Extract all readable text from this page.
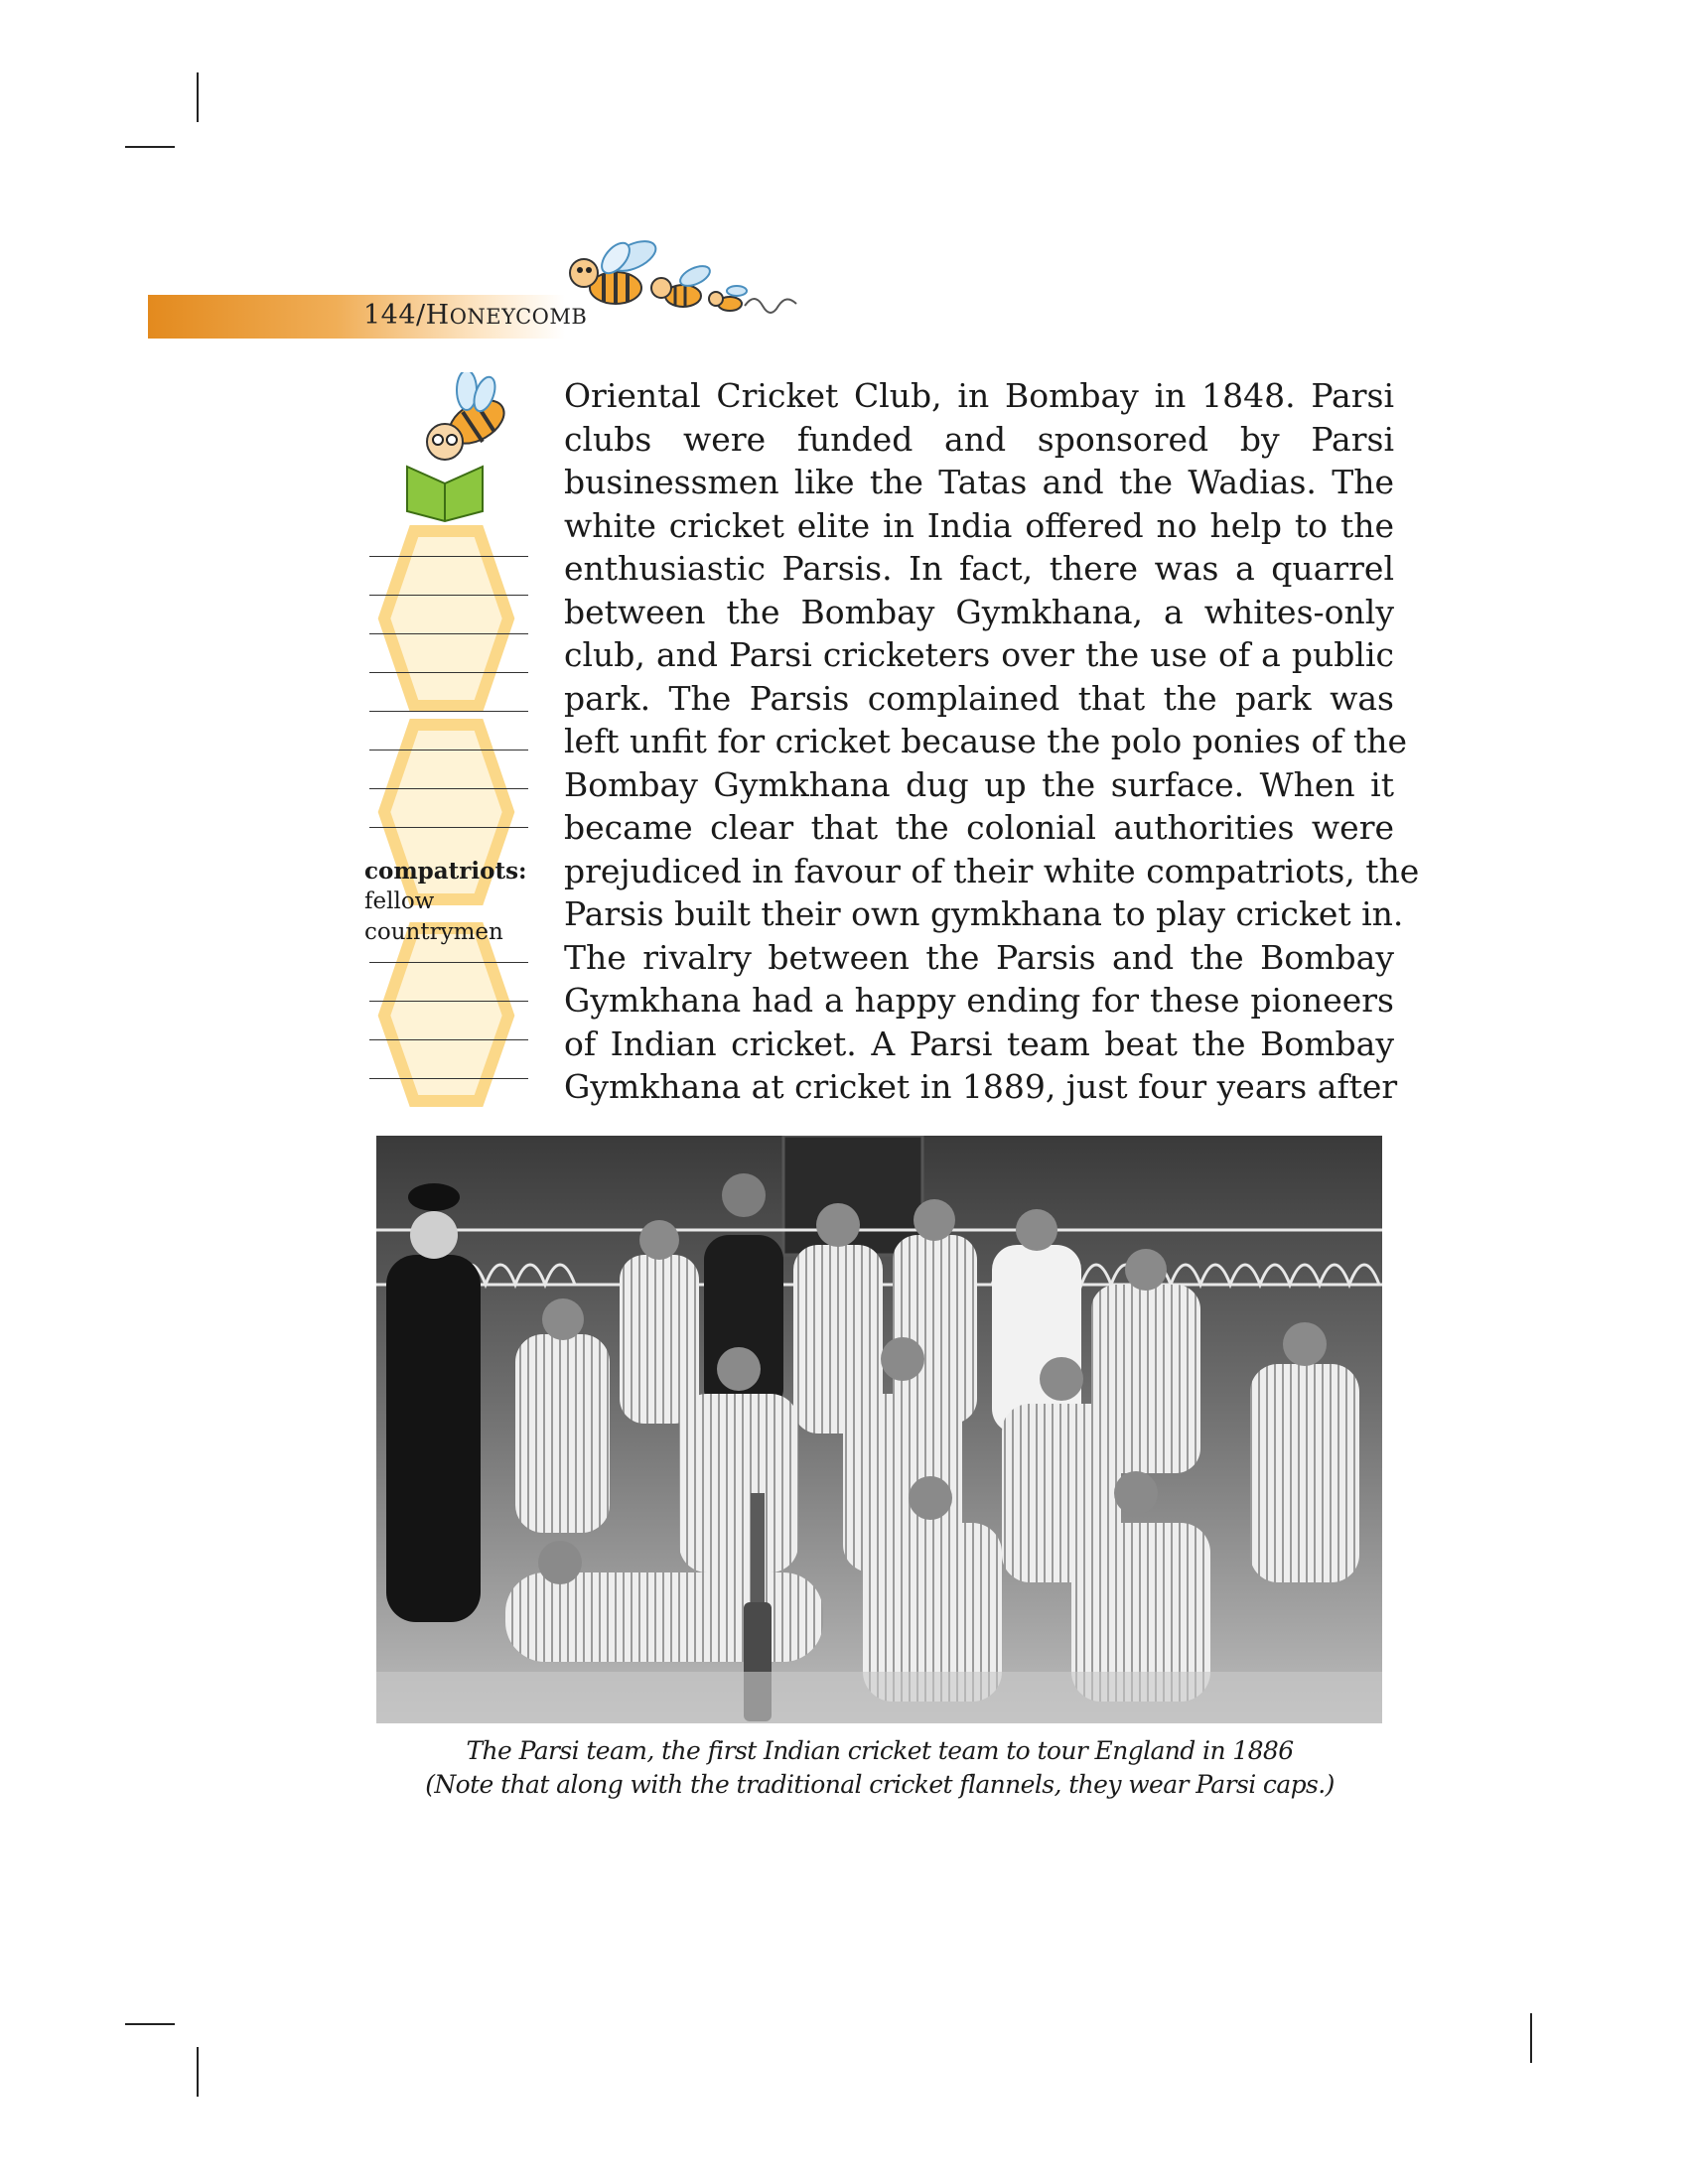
144/HONEYCOMB
compatriots:
fellow
countrymen
Oriental Cricket Club, in Bombay in 1848. Parsi
clubs were funded and sponsored by Parsi
businessmen like the Tatas and the Wadias. The
white cricket elite in India offered no help to the
enthusiastic Parsis. In fact, there was a quarrel
between the Bombay Gymkhana, a whites-only
club, and Parsi cricketers over the use of a public
park. The Parsis complained that the park was
left unfit for cricket because the polo ponies of the
Bombay Gymkhana dug up the surface. When it
became clear that the colonial authorities were
prejudiced in favour of their white compatriots, the
Parsis built their own gymkhana to play cricket in.
The rivalry between the Parsis and the Bombay
Gymkhana had a happy ending for these pioneers
of Indian cricket. A Parsi team beat the Bombay
Gymkhana at cricket in 1889, just four years after
The Parsi team, the first Indian cricket team to tour England in 1886
(Note that along with the traditional cricket flannels, they wear Parsi caps.)
